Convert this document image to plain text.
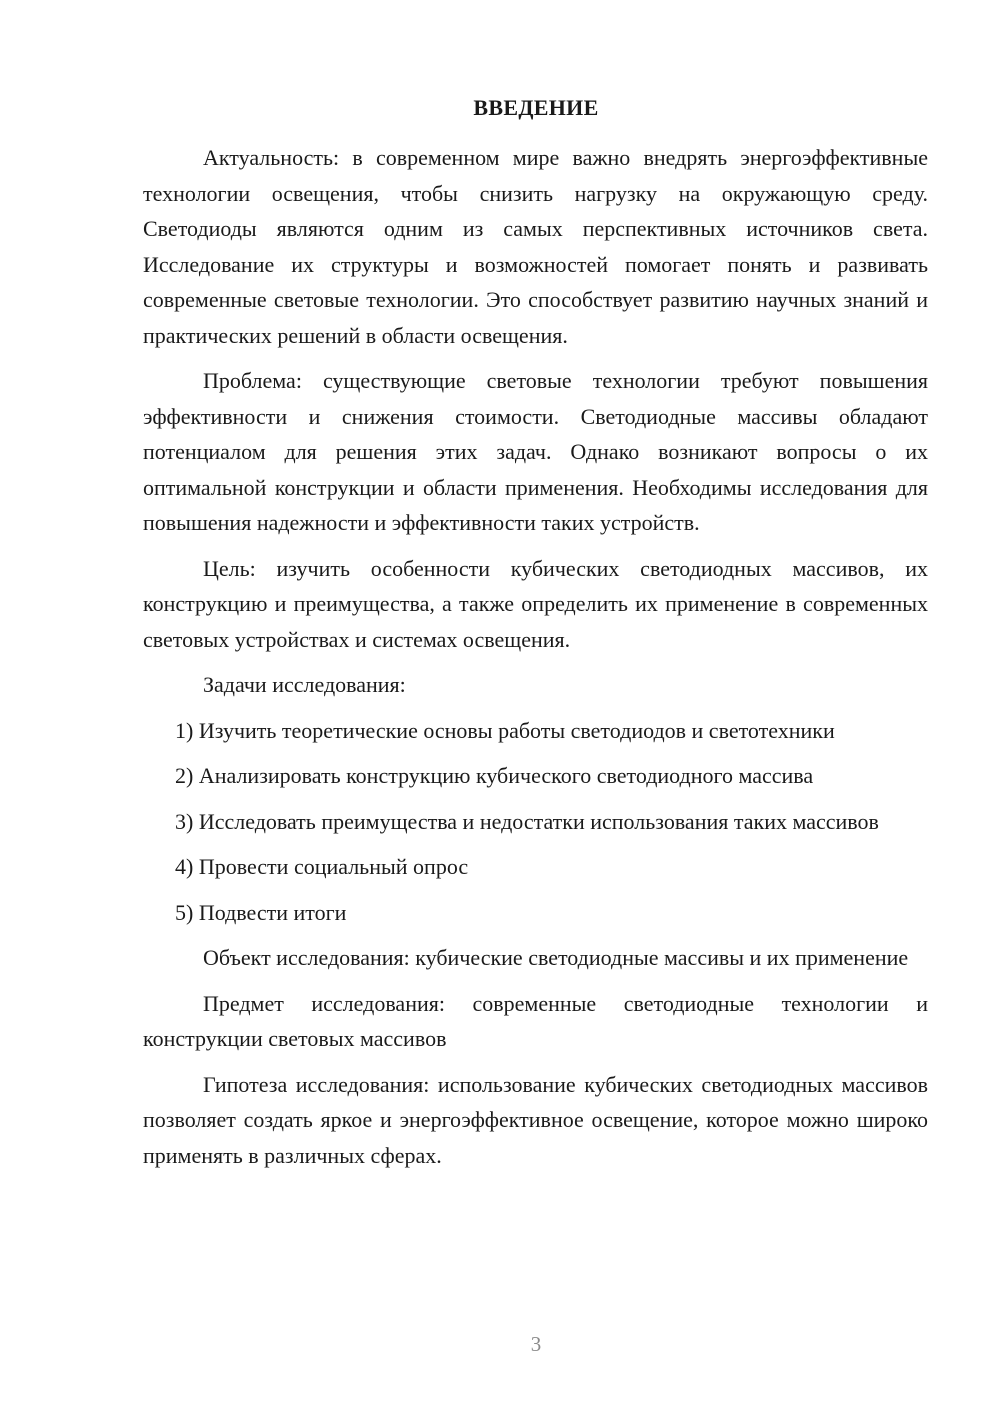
ВВЕДЕНИЕ

Актуальность: в современном мире важно внедрять энергоэффективные технологии освещения, чтобы снизить нагрузку на окружающую среду. Светодиоды являются одним из самых перспективных источников света. Исследование их структуры и возможностей помогает понять и развивать современные световые технологии. Это способствует развитию научных знаний и практических решений в области освещения.

Проблема: существующие световые технологии требуют повышения эффективности и снижения стоимости. Светодиодные массивы обладают потенциалом для решения этих задач. Однако возникают вопросы о их оптимальной конструкции и области применения. Необходимы исследования для повышения надежности и эффективности таких устройств.

Цель: изучить особенности кубических светодиодных массивов, их конструкцию и преимущества, а также определить их применение в современных световых устройствах и системах освещения.

Задачи исследования:

1) Изучить теоретические основы работы светодиодов и светотехники

2) Анализировать конструкцию кубического светодиодного массива

3) Исследовать преимущества и недостатки использования таких массивов

4) Провести социальный опрос

5) Подвести итоги

Объект исследования: кубические светодиодные массивы и их применение

Предмет исследования: современные светодиодные технологии и конструкции световых массивов

Гипотеза исследования: использование кубических светодиодных массивов позволяет создать яркое и энергоэффективное освещение, которое можно широко применять в различных сферах.

3
